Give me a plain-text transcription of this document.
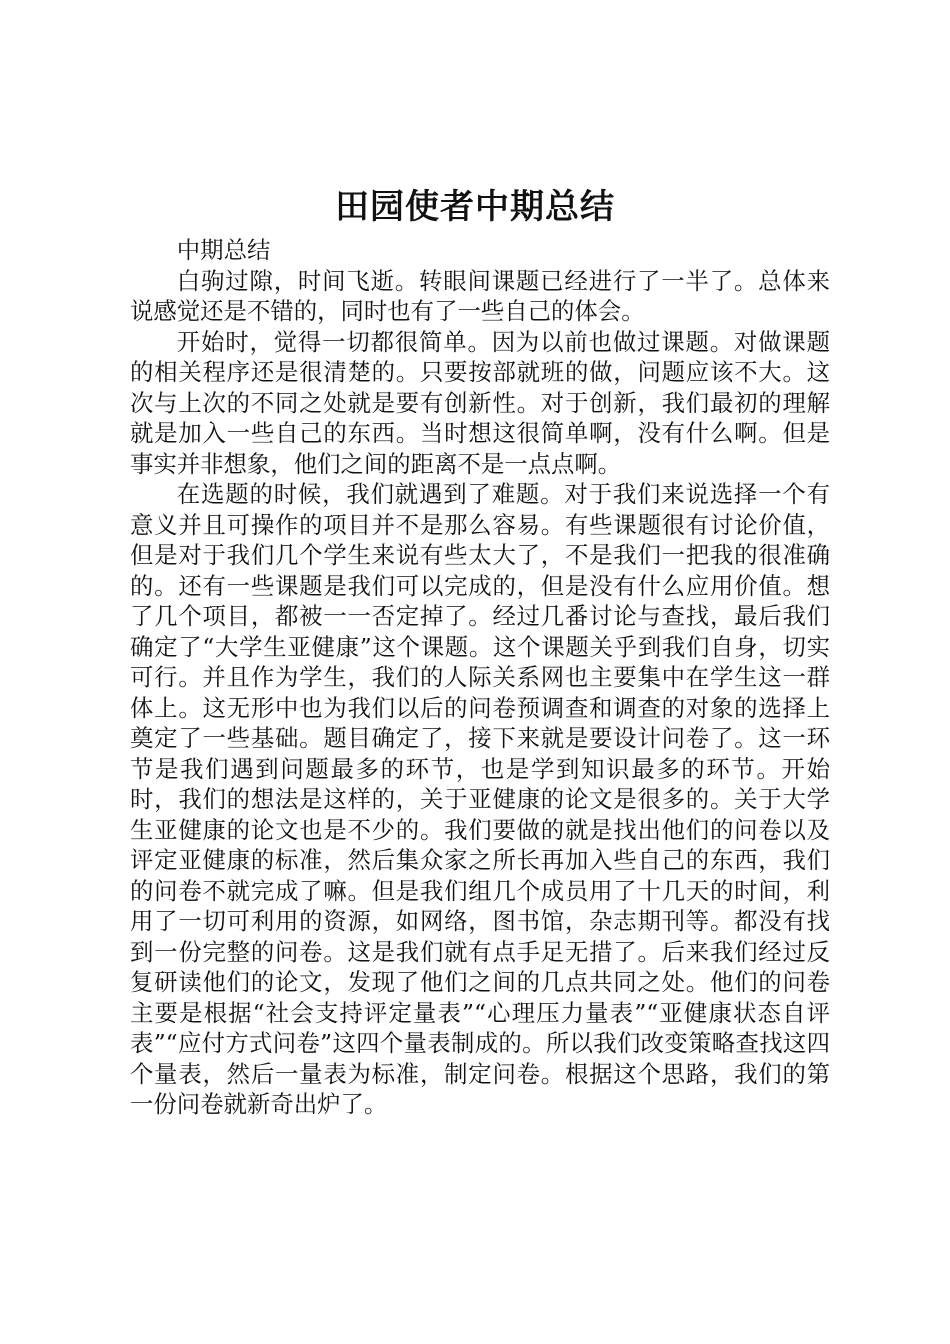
田园使者中期总结

中期总结

白驹过隙，时间飞逝。转眼间课题已经进行了一半了。总体来说感觉还是不错的，同时也有了一些自己的体会。

开始时，觉得一切都很简单。因为以前也做过课题。对做课题的相关程序还是很清楚的。只要按部就班的做，问题应该不大。这次与上次的不同之处就是要有创新性。对于创新，我们最初的理解就是加入一些自己的东西。当时想这很简单啊，没有什么啊。但是事实并非想象，他们之间的距离不是一点点啊。

在选题的时候，我们就遇到了难题。对于我们来说选择一个有意义并且可操作的项目并不是那么容易。有些课题很有讨论价值，但是对于我们几个学生来说有些太大了，不是我们一把我的很准确的。还有一些课题是我们可以完成的，但是没有什么应用价值。想了几个项目，都被一一否定掉了。经过几番讨论与查找，最后我们确定了“大学生亚健康”这个课题。这个课题关乎到我们自身，切实可行。并且作为学生，我们的人际关系网也主要集中在学生这一群体上。这无形中也为我们以后的问卷预调查和调查的对象的选择上奠定了一些基础。题目确定了，接下来就是要设计问卷了。这一环节是我们遇到问题最多的环节，也是学到知识最多的环节。开始时，我们的想法是这样的，关于亚健康的论文是很多的。关于大学生亚健康的论文也是不少的。我们要做的就是找出他们的问卷以及评定亚健康的标准，然后集众家之所长再加入些自己的东西，我们的问卷不就完成了嘛。但是我们组几个成员用了十几天的时间，利用了一切可利用的资源，如网络，图书馆，杂志期刊等。都没有找到一份完整的问卷。这是我们就有点手足无措了。后来我们经过反复研读他们的论文，发现了他们之间的几点共同之处。他们的问卷主要是根据“社会支持评定量表”“心理压力量表”“亚健康状态自评表”“应付方式问卷”这四个量表制成的。所以我们改变策略查找这四个量表，然后一量表为标准，制定问卷。根据这个思路，我们的第一份问卷就新奇出炉了。
